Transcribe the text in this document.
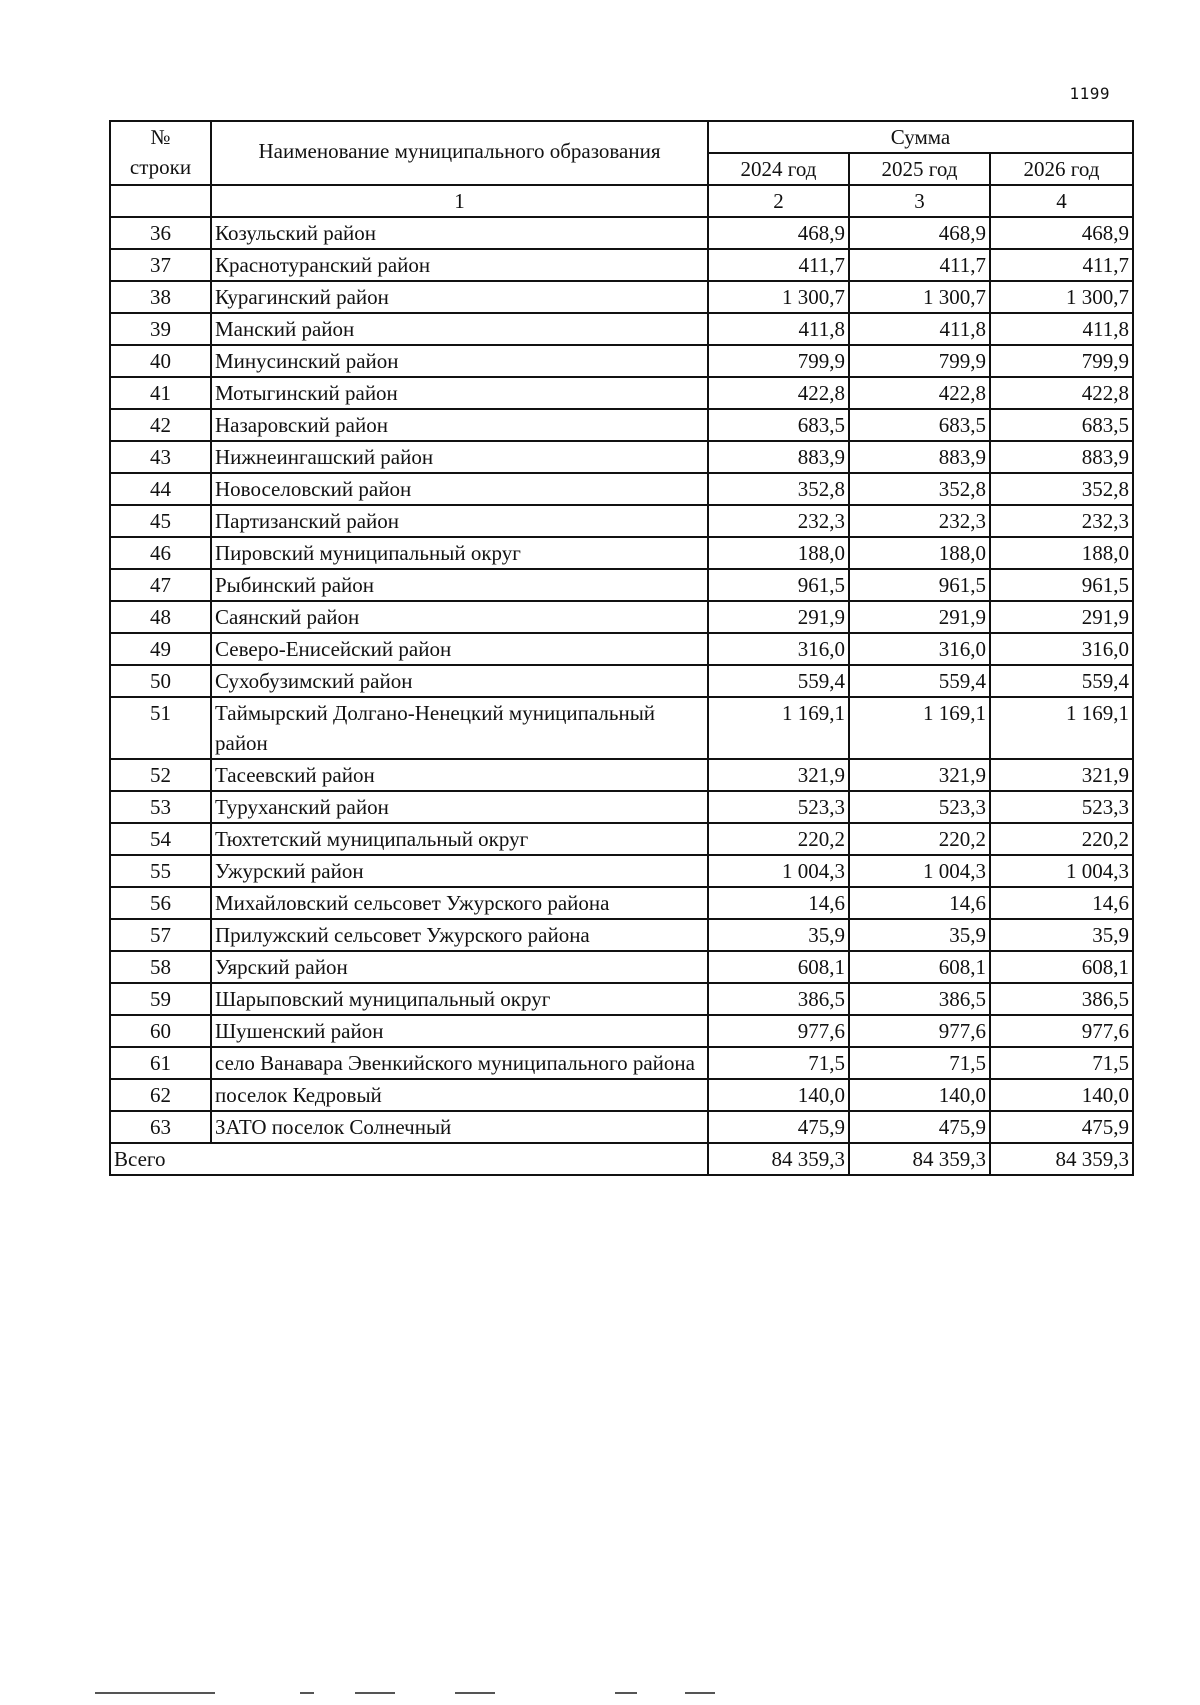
1199
№
строки	Наименование муниципального образования	Сумма		
		2024 год	2025 год	2026 год
	1	2	3	4
36	Козульский район	468,9	468,9	468,9
37	Краснотуранский район	411,7	411,7	411,7
38	Курагинский район	1 300,7	1 300,7	1 300,7
39	Манский район	411,8	411,8	411,8
40	Минусинский район	799,9	799,9	799,9
41	Мотыгинский район	422,8	422,8	422,8
42	Назаровский район	683,5	683,5	683,5
43	Нижнеингашский район	883,9	883,9	883,9
44	Новоселовский район	352,8	352,8	352,8
45	Партизанский район	232,3	232,3	232,3
46	Пировский муниципальный округ	188,0	188,0	188,0
47	Рыбинский район	961,5	961,5	961,5
48	Саянский район	291,9	291,9	291,9
49	Северо-Енисейский район	316,0	316,0	316,0
50	Сухобузимский район	559,4	559,4	559,4
51	Таймырский Долгано-Ненецкий муниципальный район	1 169,1	1 169,1	1 169,1
52	Тасеевский район	321,9	321,9	321,9
53	Туруханский район	523,3	523,3	523,3
54	Тюхтетский муниципальный округ	220,2	220,2	220,2
55	Ужурский район	1 004,3	1 004,3	1 004,3
56	Михайловский сельсовет Ужурского района	14,6	14,6	14,6
57	Прилужский сельсовет Ужурского района	35,9	35,9	35,9
58	Уярский район	608,1	608,1	608,1
59	Шарыповский муниципальный округ	386,5	386,5	386,5
60	Шушенский район	977,6	977,6	977,6
61	село Ванавара Эвенкийского муниципального района	71,5	71,5	71,5
62	поселок Кедровый	140,0	140,0	140,0
63	ЗАТО поселок Солнечный	475,9	475,9	475,9
Всего		84 359,3	84 359,3	84 359,3
